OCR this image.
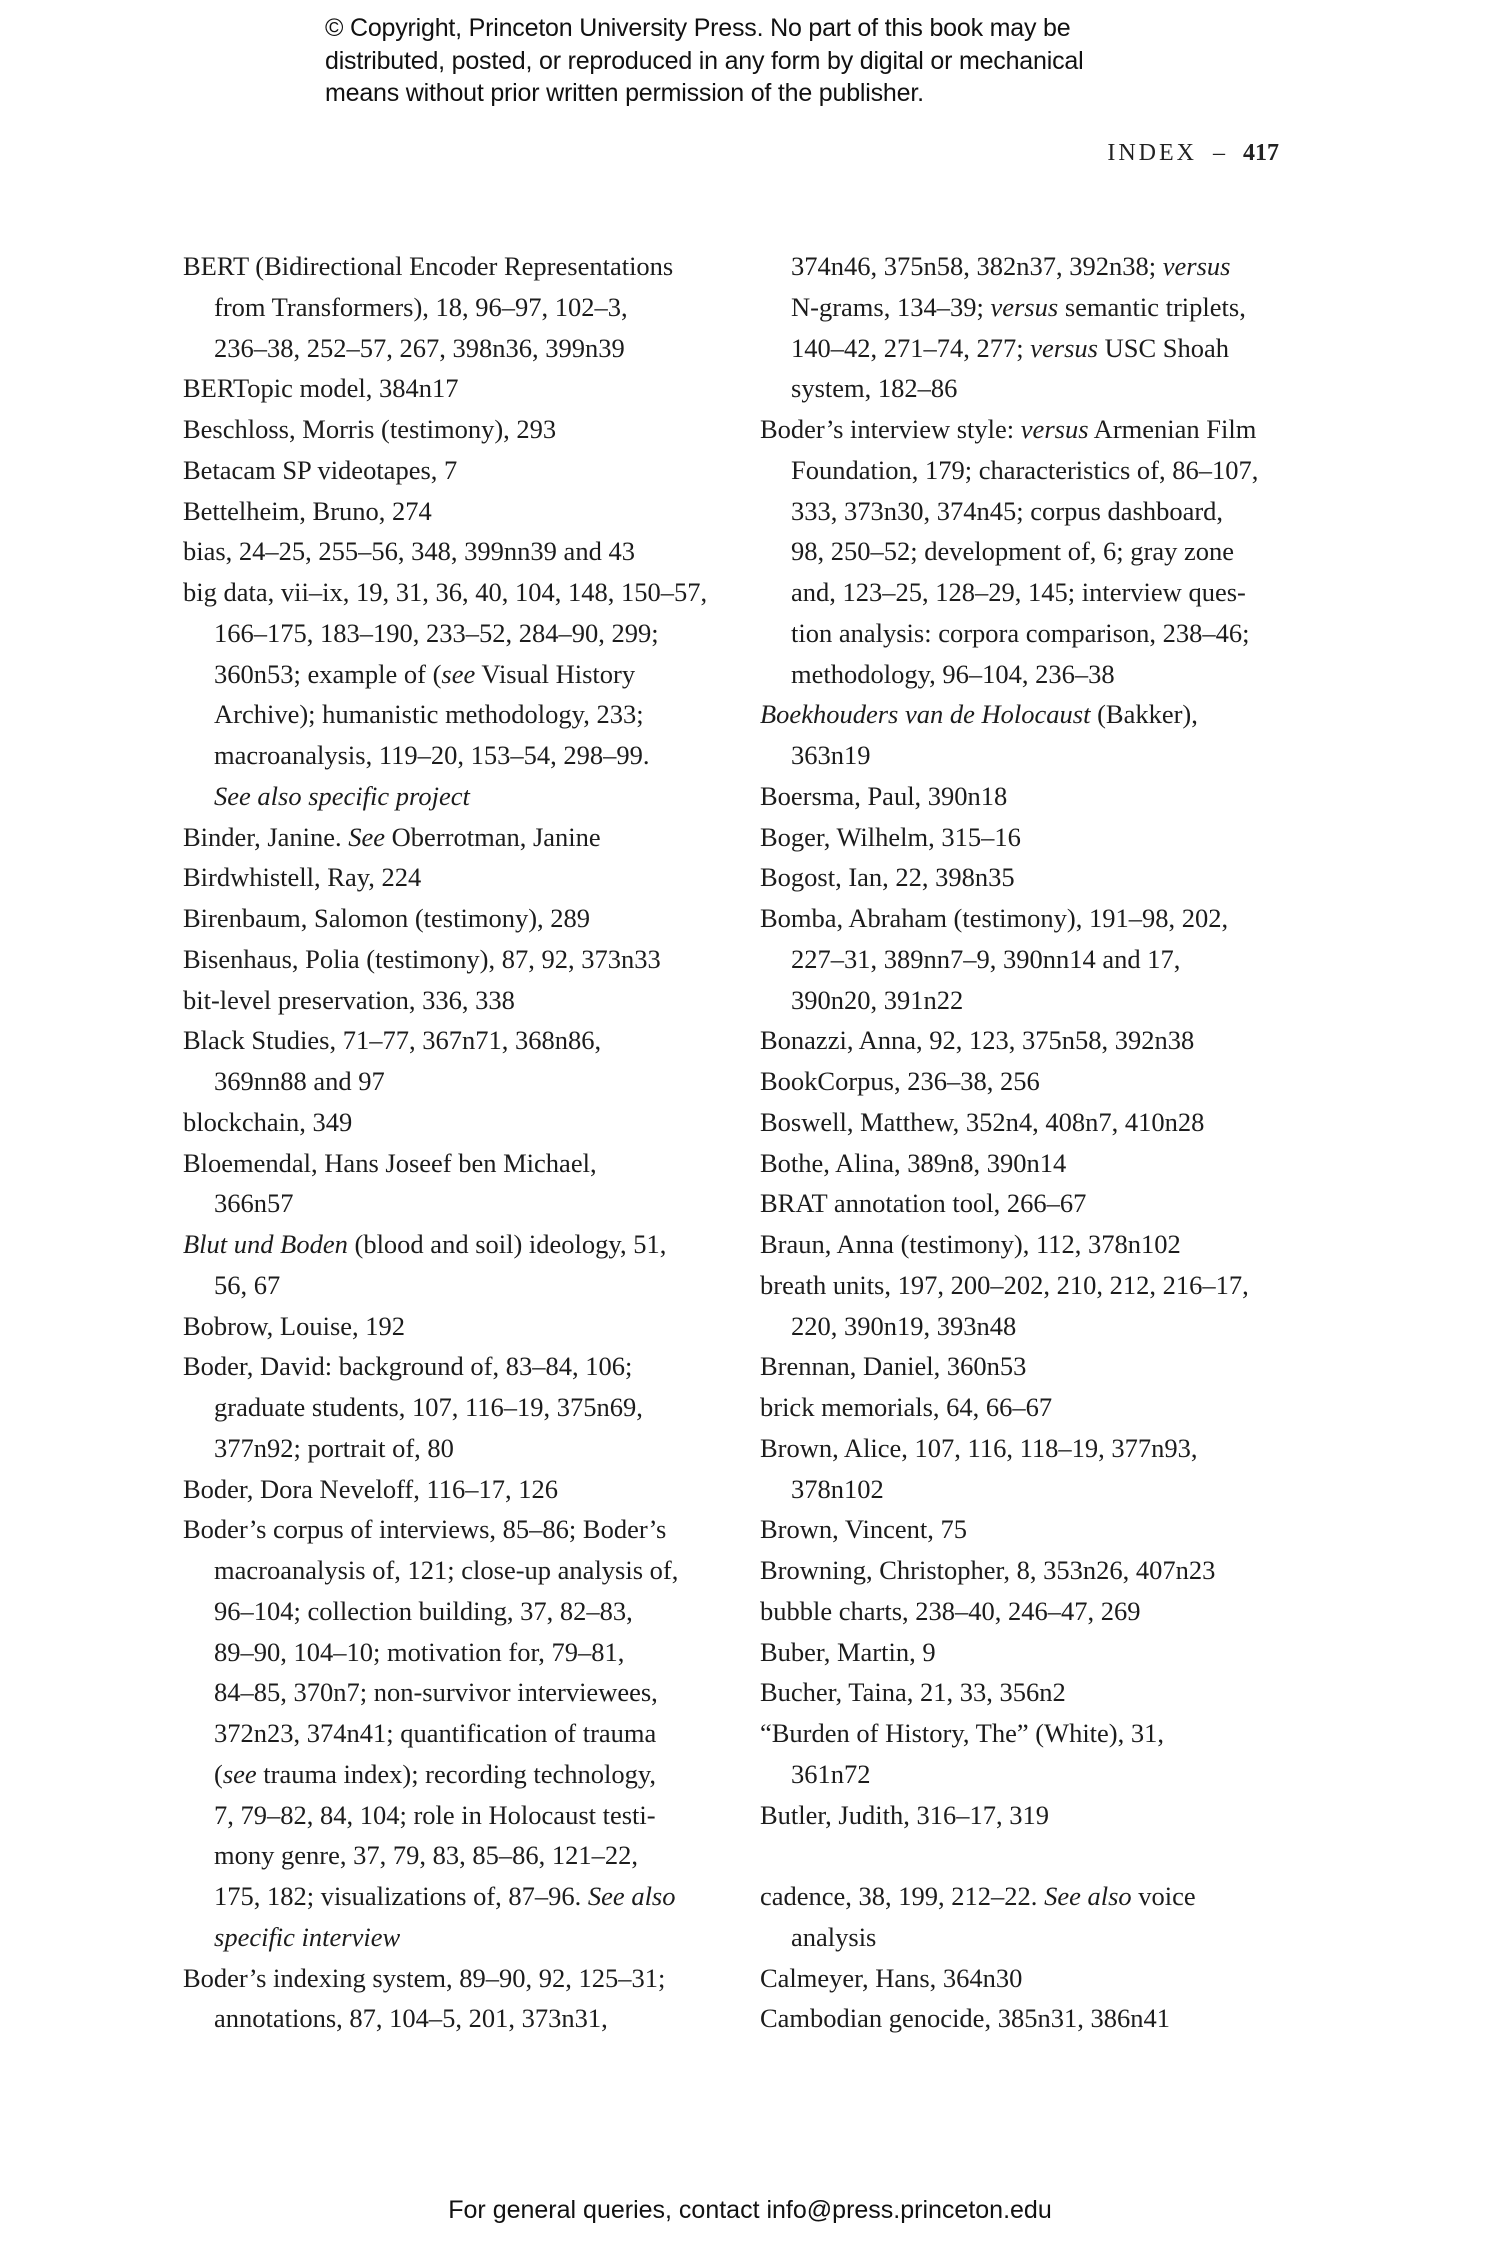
© Copyright, Princeton University Press. No part of this book may be
distributed, posted, or reproduced in any form by digital or mechanical
means without prior written permission of the publisher.
INDEX – 417
BERT (Bidirectional Encoder Representations
from Transformers), 18, 96–97, 102–3,
236–38, 252–57, 267, 398n36, 399n39
BERTopic model, 384n17
Beschloss, Morris (testimony), 293
Betacam SP videotapes, 7
Bettelheim, Bruno, 274
bias, 24–25, 255–56, 348, 399nn39 and 43
big data, vii–ix, 19, 31, 36, 40, 104, 148, 150–57,
166–175, 183–190, 233–52, 284–90, 299;
360n53; example of (see Visual History
Archive); humanistic methodology, 233;
macroanalysis, 119–20, 153–54, 298–99.
See also specific project
Binder, Janine. See Oberrotman, Janine
Birdwhistell, Ray, 224
Birenbaum, Salomon (testimony), 289
Bisenhaus, Polia (testimony), 87, 92, 373n33
bit-level preservation, 336, 338
Black Studies, 71–77, 367n71, 368n86,
369nn88 and 97
blockchain, 349
Bloemendal, Hans Joseef ben Michael,
366n57
Blut und Boden (blood and soil) ideology, 51,
56, 67
Bobrow, Louise, 192
Boder, David: background of, 83–84, 106;
graduate students, 107, 116–19, 375n69,
377n92; portrait of, 80
Boder, Dora Neveloff, 116–17, 126
Boder’s corpus of interviews, 85–86; Boder’s
macroanalysis of, 121; close-up analysis of,
96–104; collection building, 37, 82–83,
89–90, 104–10; motivation for, 79–81,
84–85, 370n7; non-survivor interviewees,
372n23, 374n41; quantification of trauma
(see trauma index); recording technology,
7, 79–82, 84, 104; role in Holocaust testi-
mony genre, 37, 79, 83, 85–86, 121–22,
175, 182; visualizations of, 87–96. See also
specific interview
Boder’s indexing system, 89–90, 92, 125–31;
annotations, 87, 104–5, 201, 373n31,
374n46, 375n58, 382n37, 392n38; versus
N-grams, 134–39; versus semantic triplets,
140–42, 271–74, 277; versus USC Shoah
system, 182–86
Boder’s interview style: versus Armenian Film
Foundation, 179; characteristics of, 86–107,
333, 373n30, 374n45; corpus dashboard,
98, 250–52; development of, 6; gray zone
and, 123–25, 128–29, 145; interview ques-
tion analysis: corpora comparison, 238–46;
methodology, 96–104, 236–38
Boekhouders van de Holocaust (Bakker),
363n19
Boersma, Paul, 390n18
Boger, Wilhelm, 315–16
Bogost, Ian, 22, 398n35
Bomba, Abraham (testimony), 191–98, 202,
227–31, 389nn7–9, 390nn14 and 17,
390n20, 391n22
Bonazzi, Anna, 92, 123, 375n58, 392n38
BookCorpus, 236–38, 256
Boswell, Matthew, 352n4, 408n7, 410n28
Bothe, Alina, 389n8, 390n14
BRAT annotation tool, 266–67
Braun, Anna (testimony), 112, 378n102
breath units, 197, 200–202, 210, 212, 216–17,
220, 390n19, 393n48
Brennan, Daniel, 360n53
brick memorials, 64, 66–67
Brown, Alice, 107, 116, 118–19, 377n93,
378n102
Brown, Vincent, 75
Browning, Christopher, 8, 353n26, 407n23
bubble charts, 238–40, 246–47, 269
Buber, Martin, 9
Bucher, Taina, 21, 33, 356n2
“Burden of History, The” (White), 31,
361n72
Butler, Judith, 316–17, 319
cadence, 38, 199, 212–22. See also voice
analysis
Calmeyer, Hans, 364n30
Cambodian genocide, 385n31, 386n41
For general queries, contact info@press.princeton.edu
